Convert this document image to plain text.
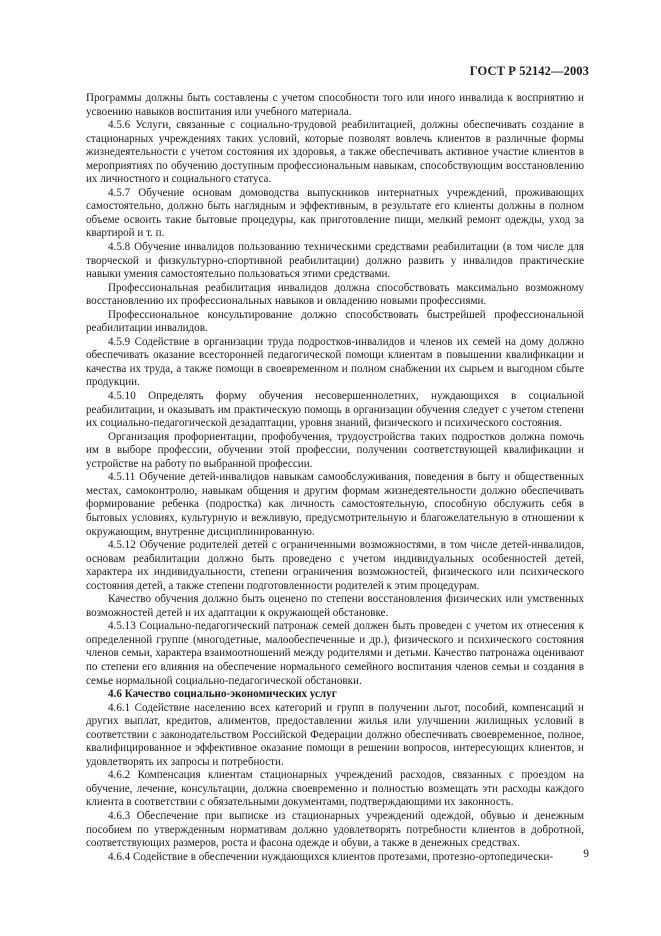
ГОСТ Р 52142—2003

Программы должны быть составлены с учетом способности того или иного инвалида к восприятию и усвоению навыков воспитания или учебного материала.

4.5.6 Услуги, связанные с социально-трудовой реабилитацией, должны обеспечивать создание в стационарных учреждениях таких условий, которые позволят вовлечь клиентов в различные формы жизнедеятельности с учетом состояния их здоровья, а также обеспечивать активное участие клиентов в мероприятиях по обучению доступным профессиональным навыкам, способствующим восстановлению их личностного и социального статуса.

4.5.7 Обучение основам домоводства выпускников интернатных учреждений, проживающих самостоятельно, должно быть наглядным и эффективным, в результате его клиенты должны в полном объеме освоить такие бытовые процедуры, как приготовление пищи, мелкий ремонт одежды, уход за квартирой и т. п.

4.5.8 Обучение инвалидов пользованию техническими средствами реабилитации (в том числе для творческой и физкультурно-спортивной реабилитации) должно развить у инвалидов практические навыки умения самостоятельно пользоваться этими средствами.

Профессиональная реабилитация инвалидов должна способствовать максимально возможному восстановлению их профессиональных навыков и овладению новыми профессиями.

Профессиональное консультирование должно способствовать быстрейшей профессиональной реабилитации инвалидов.

4.5.9 Содействие в организации труда подростков-инвалидов и членов их семей на дому должно обеспечивать оказание всесторонней педагогической помощи клиентам в повышении квалификации и качества их труда, а также помощи в своевременном и полном снабжении их сырьем и выгодном сбыте продукции.

4.5.10 Определять форму обучения несовершеннолетних, нуждающихся в социальной реабилитации, и оказывать им практическую помощь в организации обучения следует с учетом степени их социально-педагогической дезадаптации, уровня знаний, физического и психического состояния.

Организация профориентации, профобучения, трудоустройства таких подростков должна помочь им в выборе профессии, обучении этой профессии, получении соответствующей квалификации и устройстве на работу по выбранной профессии.

4.5.11 Обучение детей-инвалидов навыкам самообслуживания, поведения в быту и общественных местах, самоконтролю, навыкам общения и другим формам жизнедеятельности должно обеспечивать формирование ребенка (подростка) как личность самостоятельную, способную обслужить себя в бытовых условиях, культурную и вежливую, предусмотрительную и благожелательную в отношении к окружающим, внутренне дисциплинированную.

4.5.12 Обучение родителей детей с ограниченными возможностями, в том числе детей-инвалидов, основам реабилитации должно быть проведено с учетом индивидуальных особенностей детей, характера их индивидуальности, степени ограничения возможностей, физического или психического состояния детей, а также степени подготовленности родителей к этим процедурам.

Качество обучения должно быть оценено по степени восстановления физических или умственных возможностей детей и их адаптации к окружающей обстановке.

4.5.13 Социально-педагогический патронаж семей должен быть проведен с учетом их отнесения к определенной группе (многодетные, малообеспеченные и др.), физического и психического состояния членов семьи, характера взаимоотношений между родителями и детьми. Качество патронажа оценивают по степени его влияния на обеспечение нормального семейного воспитания членов семьи и создания в семье нормальной социально-педагогической обстановки.

4.6 Качество социально-экономических услуг

4.6.1 Содействие населению всех категорий и групп в получении льгот, пособий, компенсаций и других выплат, кредитов, алиментов, предоставлении жилья или улучшении жилищных условий в соответствии с законодательством Российской Федерации должно обеспечивать своевременное, полное, квалифицированное и эффективное оказание помощи в решении вопросов, интересующих клиентов, и удовлетворять их запросы и потребности.

4.6.2 Компенсация клиентам стационарных учреждений расходов, связанных с проездом на обучение, лечение, консультации, должна своевременно и полностью возмещать эти расходы каждого клиента в соответствии с обязательными документами, подтверждающими их законность.

4.6.3 Обеспечение при выписке из стационарных учреждений одеждой, обувью и денежным пособием по утвержденным нормативам должно удовлетворять потребности клиентов в добротной, соответствующих размеров, роста и фасона одежде и обуви, а также в денежных средствах.

4.6.4 Содействие в обеспечении нуждающихся клиентов протезами, протезно-ортопедически-	9
